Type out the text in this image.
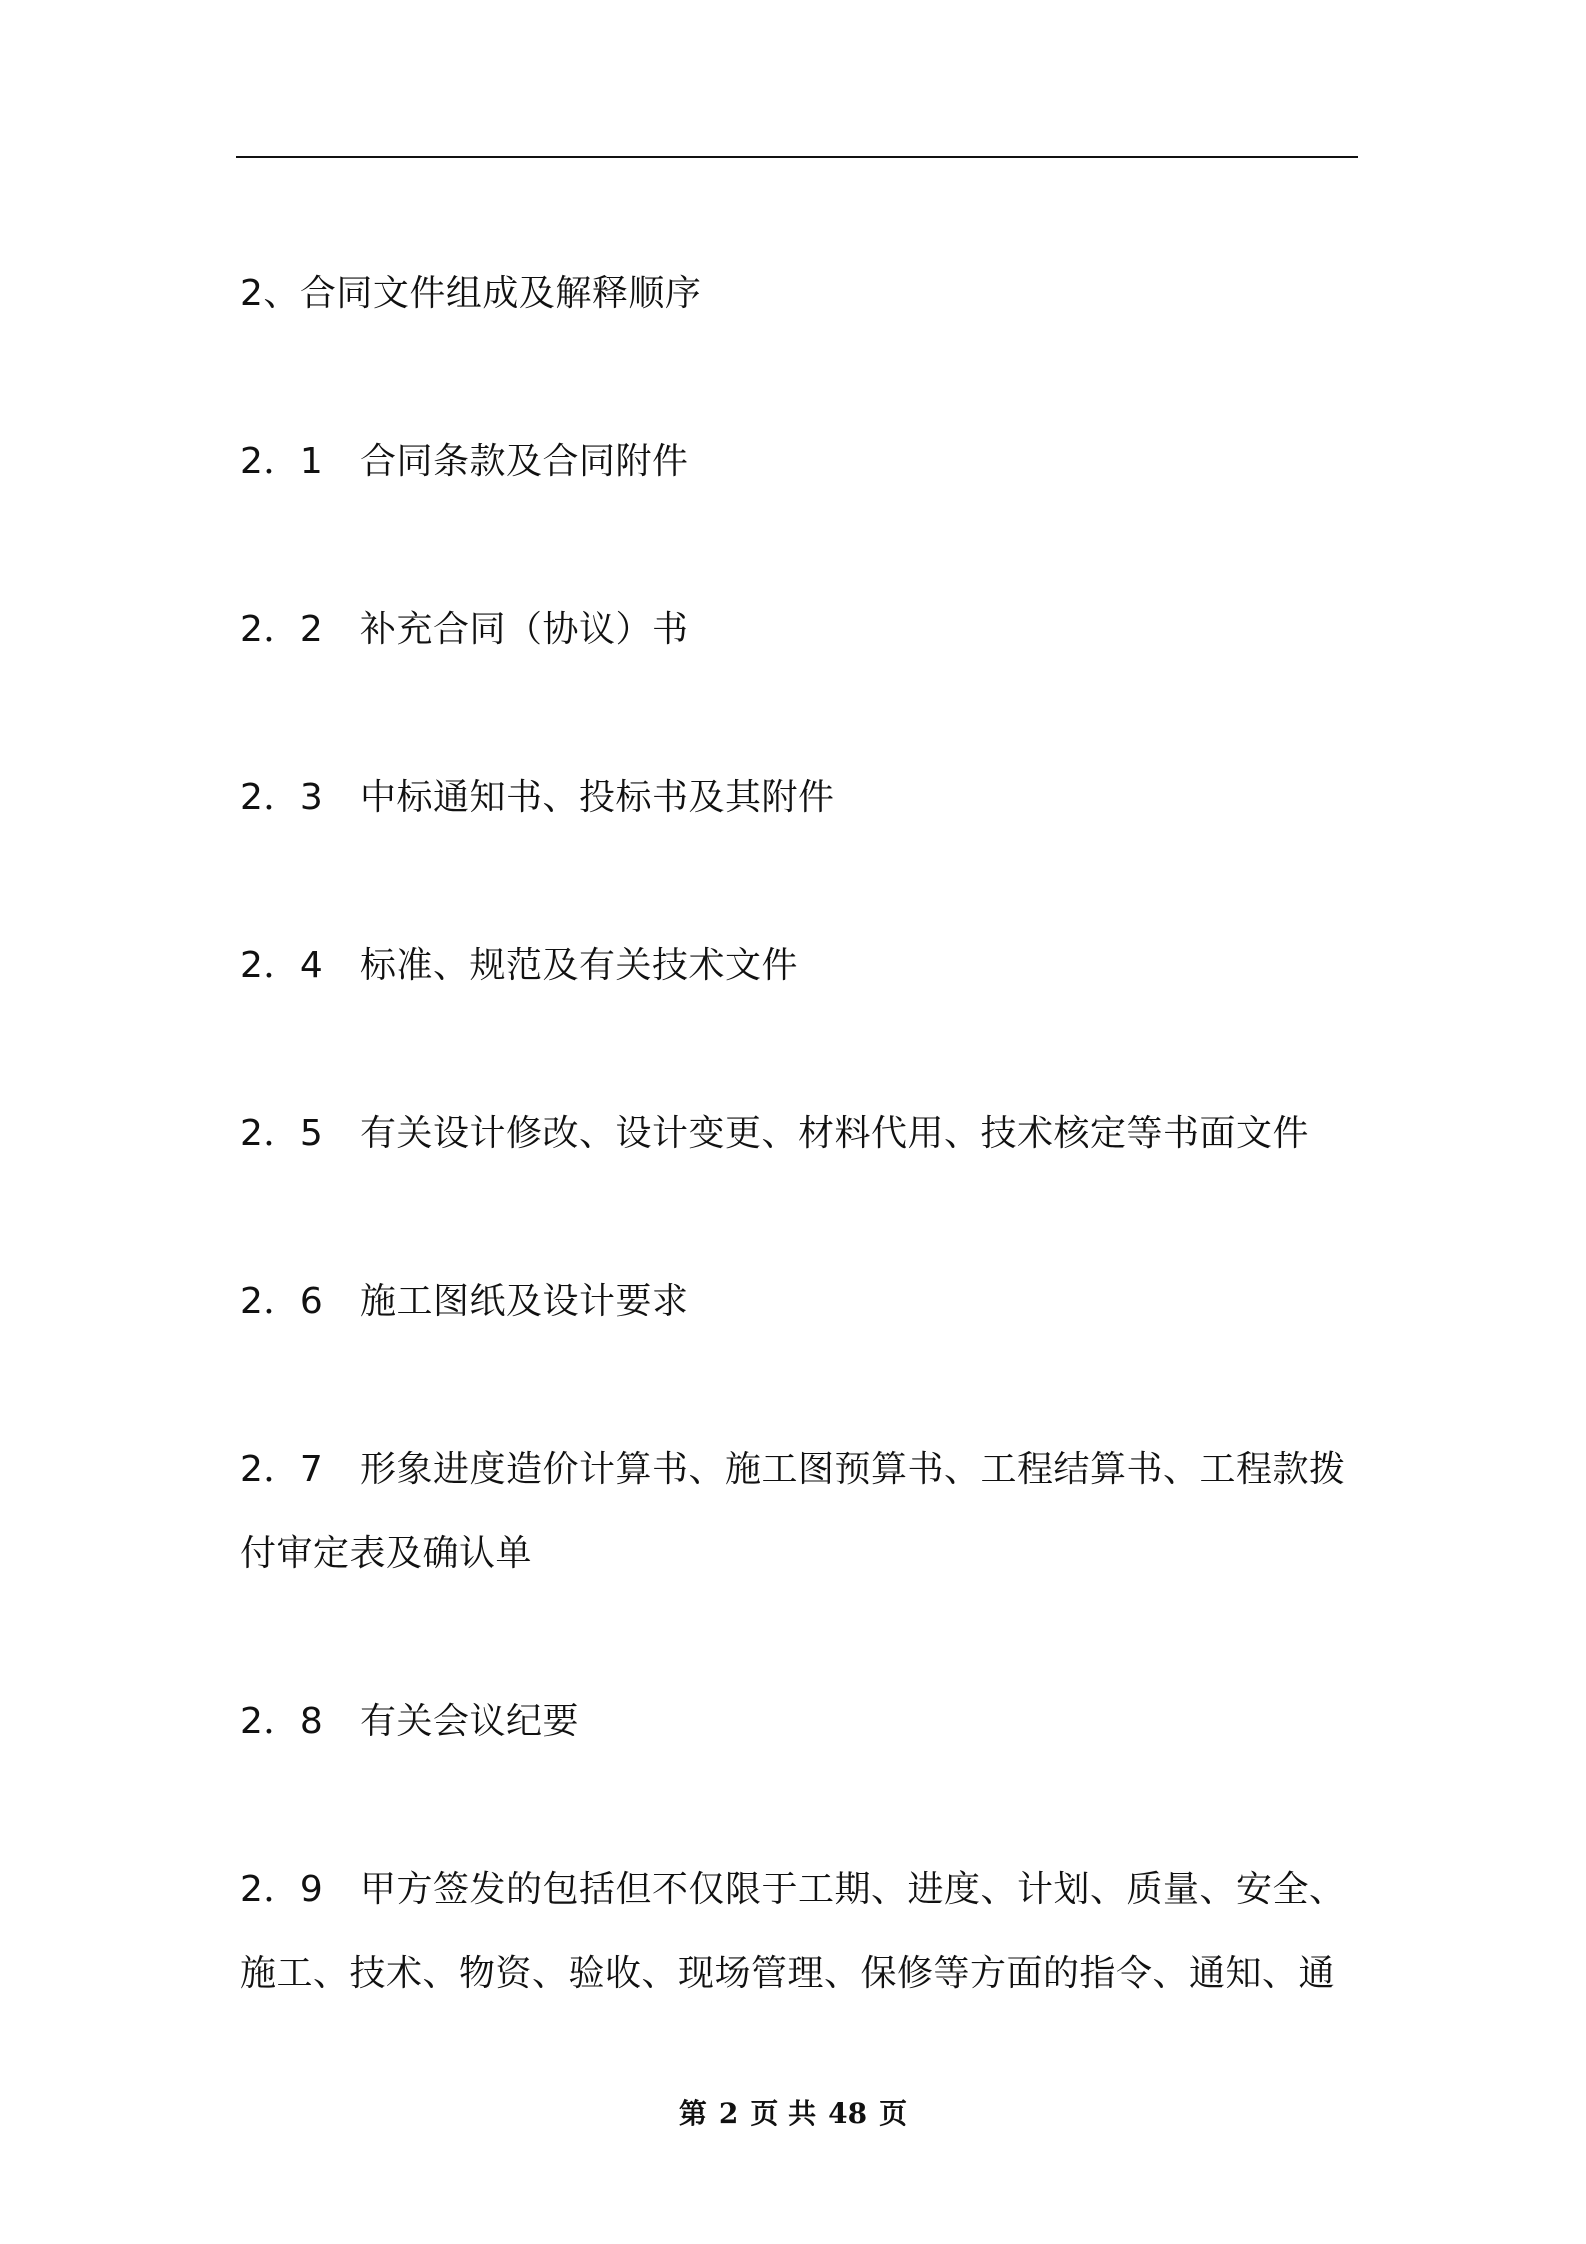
2、合同文件组成及解释顺序
2．1 合同条款及合同附件
2．2 补充合同（协议）书
2．3 中标通知书、投标书及其附件
2．4 标准、规范及有关技术文件
2．5 有关设计修改、设计变更、材料代用、技术核定等书面文件
2．6 施工图纸及设计要求
2．7 形象进度造价计算书、施工图预算书、工程结算书、工程款拨
付审定表及确认单
2．8 有关会议纪要
2．9 甲方签发的包括但不仅限于工期、进度、计划、质量、安全、
施工、技术、物资、验收、现场管理、保修等方面的指令、通知、通
第 2 页 共 48 页
